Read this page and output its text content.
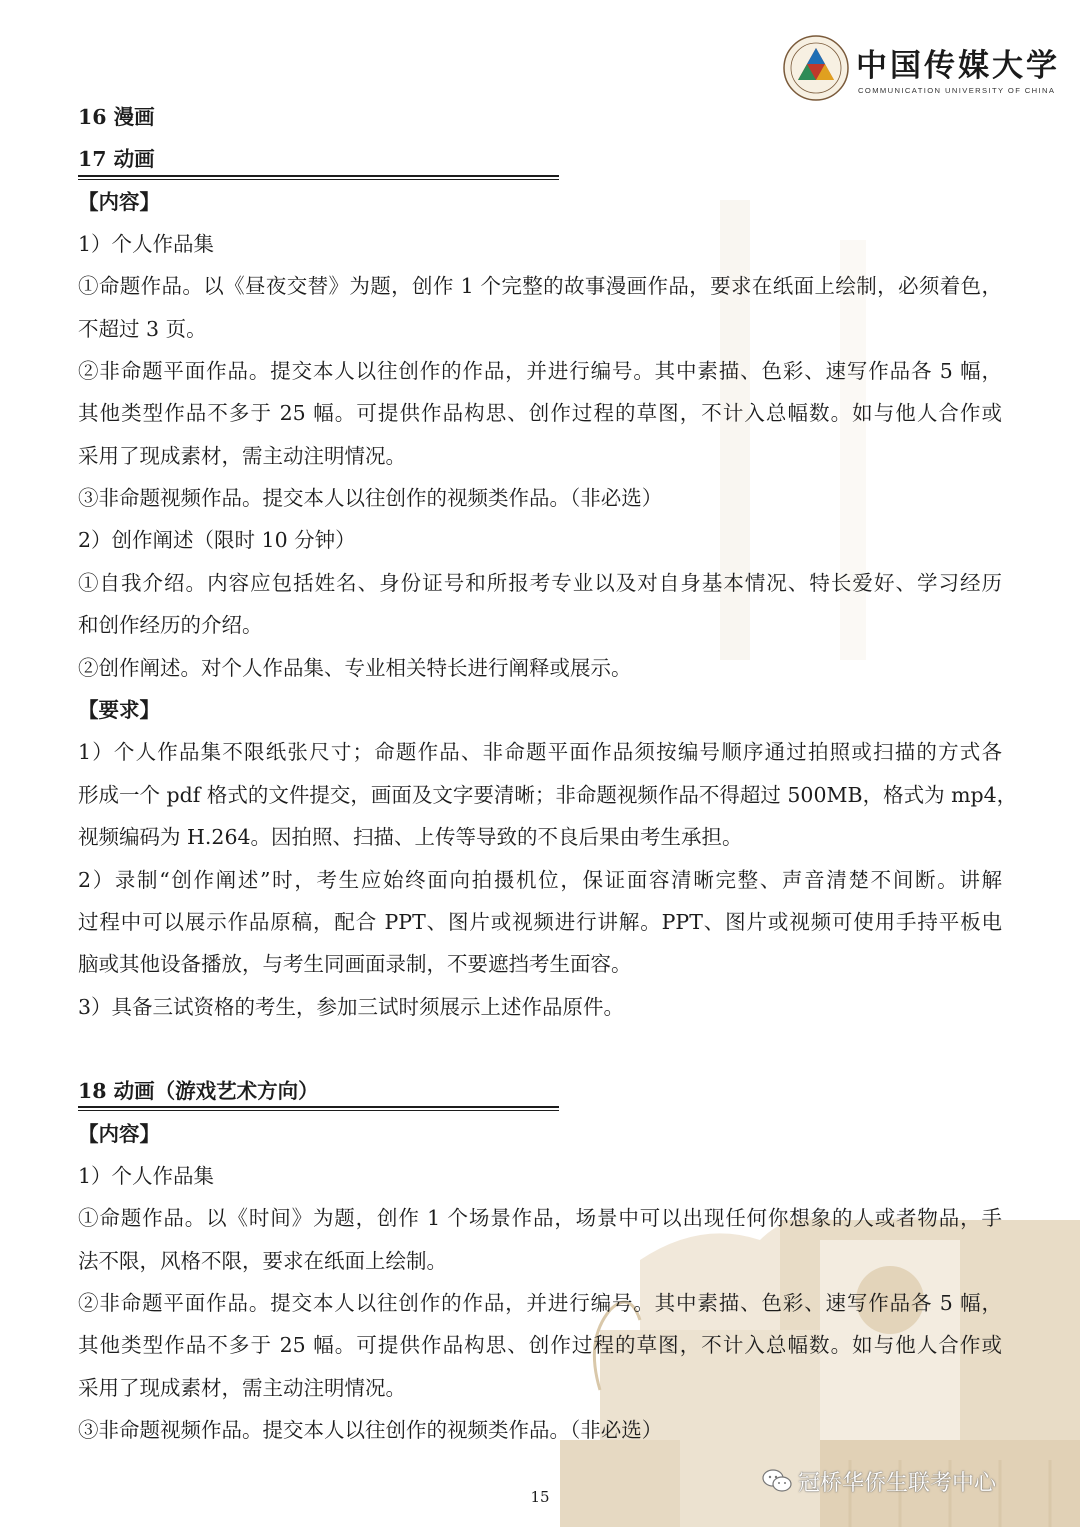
中国传媒大学
COMMUNICATION UNIVERSITY OF CHINA
16 漫画
17 动画
【内容】
1）个人作品集
①命题作品。以《昼夜交替》为题，创作 1 个完整的故事漫画作品，要求在纸面上绘制，必须着色，
不超过 3 页。
②非命题平面作品。提交本人以往创作的作品，并进行编号。其中素描、色彩、速写作品各 5 幅，
其他类型作品不多于 25 幅。可提供作品构思、创作过程的草图，不计入总幅数。如与他人合作或
采用了现成素材，需主动注明情况。
③非命题视频作品。提交本人以往创作的视频类作品。（非必选）
2）创作阐述（限时 10 分钟）
①自我介绍。内容应包括姓名、身份证号和所报考专业以及对自身基本情况、特长爱好、学习经历
和创作经历的介绍。
②创作阐述。对个人作品集、专业相关特长进行阐释或展示。
【要求】
1）个人作品集不限纸张尺寸；命题作品、非命题平面作品须按编号顺序通过拍照或扫描的方式各
形成一个 pdf 格式的文件提交，画面及文字要清晰；非命题视频作品不得超过 500MB，格式为 mp4，
视频编码为 H.264。因拍照、扫描、上传等导致的不良后果由考生承担。
2）录制“创作阐述”时，考生应始终面向拍摄机位，保证面容清晰完整、声音清楚不间断。讲解
过程中可以展示作品原稿，配合 PPT、图片或视频进行讲解。PPT、图片或视频可使用手持平板电
脑或其他设备播放，与考生同画面录制，不要遮挡考生面容。
3）具备三试资格的考生，参加三试时须展示上述作品原件。
18 动画（游戏艺术方向）
【内容】
1）个人作品集
①命题作品。以《时间》为题，创作 1 个场景作品，场景中可以出现任何你想象的人或者物品，手
法不限，风格不限，要求在纸面上绘制。
②非命题平面作品。提交本人以往创作的作品，并进行编号。其中素描、色彩、速写作品各 5 幅，
其他类型作品不多于 25 幅。可提供作品构思、创作过程的草图，不计入总幅数。如与他人合作或
采用了现成素材，需主动注明情况。
③非命题视频作品。提交本人以往创作的视频类作品。（非必选）
15
冠桥华侨生联考中心
